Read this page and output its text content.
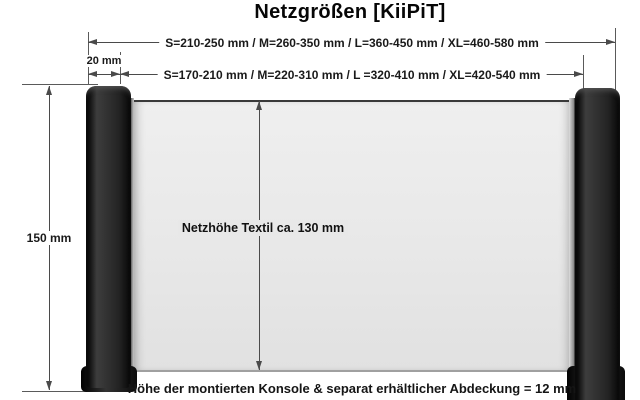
Netzgrößen [KiiPiT]
S=210-250 mm / M=260-350 mm / L=360-450 mm / XL=460-580 mm
S=170-210 mm / M=220-310 mm / L =320-410 mm / XL=420-540 mm
20 mm
150 mm
Netzhöhe Textil ca. 130 mm
Höhe der montierten Konsole & separat erhältlicher Abdeckung = 12 mm
